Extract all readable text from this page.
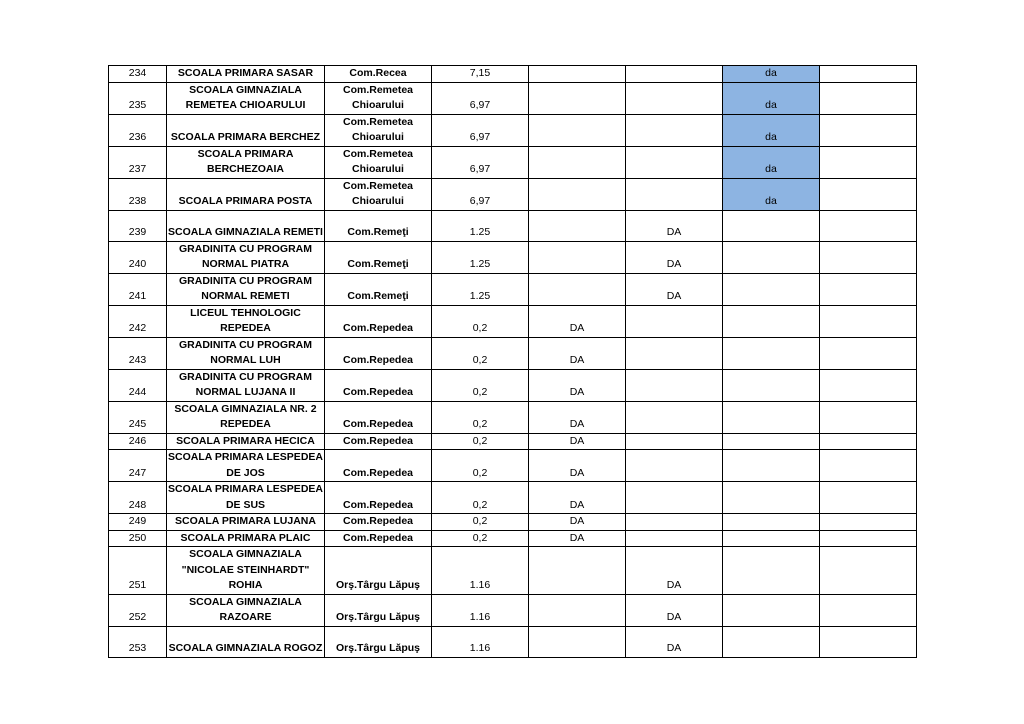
234	SCOALA PRIMARA SASAR	Com.Recea	7,15			da	
235	SCOALA GIMNAZIALA
REMETEA CHIOARULUI	Com.Remetea
Chioarului	6,97			da	
236	SCOALA PRIMARA BERCHEZ	Com.Remetea
Chioarului	6,97			da	
237	SCOALA PRIMARA
BERCHEZOAIA	Com.Remetea
Chioarului	6,97			da	
238	SCOALA PRIMARA POSTA	Com.Remetea
Chioarului	6,97			da	
239	SCOALA GIMNAZIALA REMETI	Com.Remeţi	1.25		DA		
240	GRADINITA CU PROGRAM
NORMAL PIATRA	Com.Remeţi	1.25		DA		
241	GRADINITA CU PROGRAM
NORMAL REMETI	Com.Remeţi	1.25		DA		
242	LICEUL TEHNOLOGIC
REPEDEA	Com.Repedea	0,2	DA			
243	GRADINITA CU PROGRAM
NORMAL LUH	Com.Repedea	0,2	DA			
244	GRADINITA CU PROGRAM
NORMAL LUJANA II	Com.Repedea	0,2	DA			
245	SCOALA GIMNAZIALA NR. 2
REPEDEA	Com.Repedea	0,2	DA			
246	SCOALA PRIMARA HECICA	Com.Repedea	0,2	DA			
247	SCOALA PRIMARA LESPEDEA
DE JOS	Com.Repedea	0,2	DA			
248	SCOALA PRIMARA LESPEDEA
DE SUS	Com.Repedea	0,2	DA			
249	SCOALA PRIMARA LUJANA	Com.Repedea	0,2	DA			
250	SCOALA PRIMARA PLAIC	Com.Repedea	0,2	DA			
251	SCOALA GIMNAZIALA
"NICOLAE STEINHARDT"
ROHIA	Orş.Târgu Lăpuş	1.16		DA		
252	SCOALA GIMNAZIALA
RAZOARE	Orş.Târgu Lăpuş	1.16		DA		
253	SCOALA GIMNAZIALA ROGOZ	Orş.Târgu Lăpuş	1.16		DA		
